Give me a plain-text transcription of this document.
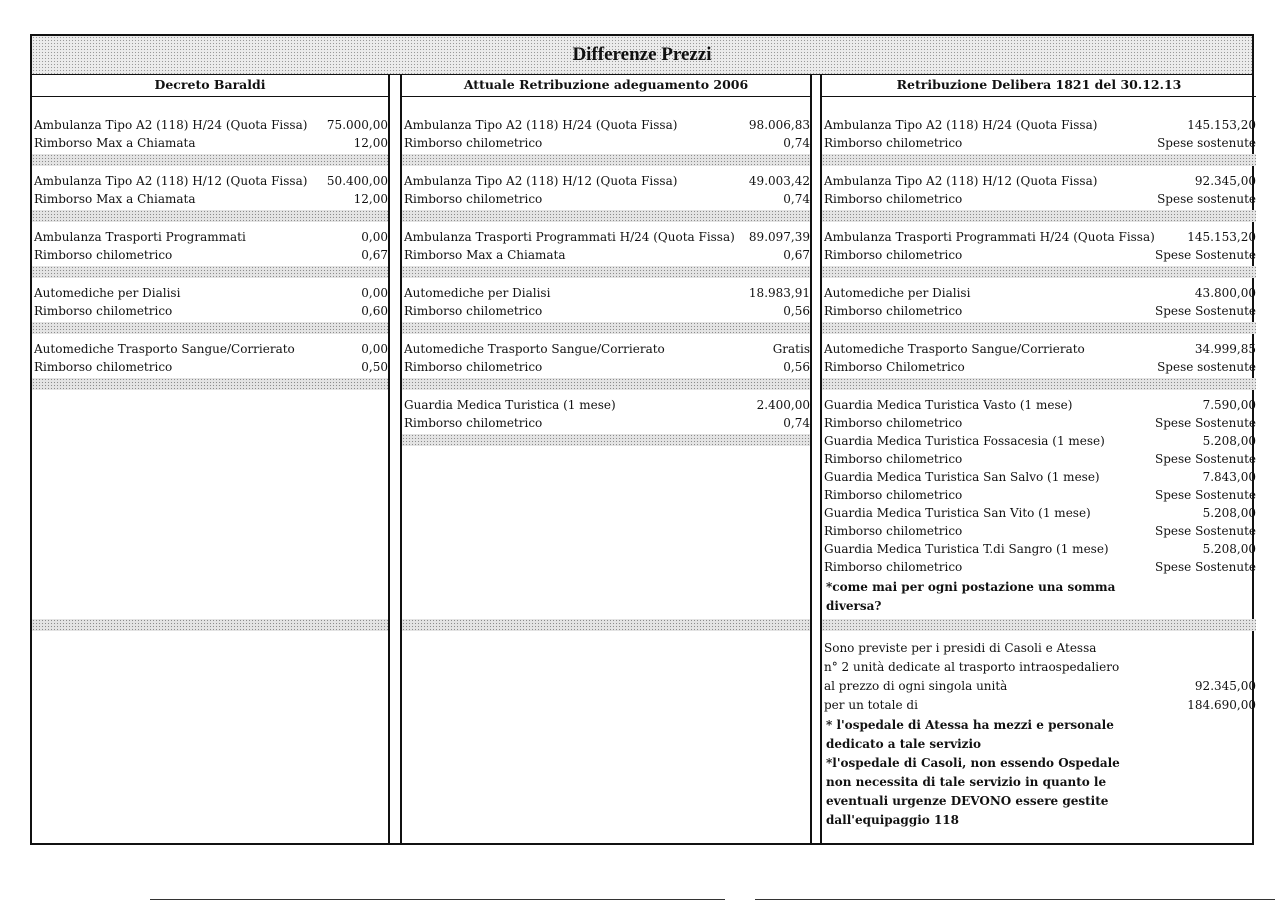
Differenze Prezzi
Decreto Baraldi
Ambulanza Tipo A2 (118) H/24 (Quota Fissa) 75.000,00
Rimborso Max a Chiamata	12,00
Ambulanza Tipo A2 (118) H/12 (Quota Fissa) 50.400,00
Rimborso Max a Chiamata	12,00
Ambulanza Trasporti Programmati	0,00
Rimborso chilometrico	0,67
Automediche per Dialisi	0,00
Rimborso chilometrico	0,60
Automediche Trasporto Sangue/Corrierato	0,00
Rimborso chilometrico	0,50
Attuale Retribuzione adeguamento 2006
Ambulanza Tipo A2 (118) H/24 (Quota Fissa)	98.006,83
Rimborso chilometrico	0,74
Ambulanza Tipo A2 (118) H/12 (Quota Fissa)	49.003,42
Rimborso chilometrico	0,74
Ambulanza Trasporti Programmati H/24 (Quota Fissa) 89.097,39
Rimborso Max a Chiamata	0,67
Automediche per Dialisi	18.983,91
Rimborso chilometrico	0,56
Automediche Trasporto Sangue/Corrierato	Gratis
Rimborso chilometrico	0,56
Guardia Medica Turistica (1 mese)	2.400,00
Rimborso chilometrico	0,74
Retribuzione Delibera 1821 del 30.12.13
Ambulanza Tipo A2 (118) H/24 (Quota Fissa)	145.153,20
Rimborso chilometrico	Spese sostenute
Ambulanza Tipo A2 (118) H/12 (Quota Fissa)	92.345,00
Rimborso chilometrico	Spese sostenute
Ambulanza Trasporti Programmati H/24 (Quota Fissa)	145.153,20
Rimborso chilometrico	Spese Sostenute
Automediche per Dialisi	43.800,00
Rimborso chilometrico	Spese Sostenute
Automediche Trasporto Sangue/Corrierato	34.999,85
Rimborso Chilometrico	Spese sostenute
Guardia Medica Turistica Vasto (1 mese)	7.590,00
Rimborso chilometrico	Spese Sostenute
Guardia Medica Turistica Fossacesia (1 mese)	5.208,00
Rimborso chilometrico	Spese Sostenute
Guardia Medica Turistica San Salvo (1 mese)	7.843,00
Rimborso chilometrico	Spese Sostenute
Guardia Medica Turistica San Vito (1 mese)	5.208,00
Rimborso chilometrico	Spese Sostenute
Guardia Medica Turistica T.di Sangro (1 mese)	5.208,00
Rimborso chilometrico	Spese Sostenute
*come mai per ogni postazione una somma
diversa?
Sono previste per i presidi di Casoli e Atessa
n° 2 unità dedicate al trasporto intraospedaliero
al prezzo di ogni singola unità	92.345,00
per un totale di	184.690,00
* l'ospedale di Atessa ha mezzi e personale
dedicato a tale servizio
*l'ospedale di Casoli, non essendo Ospedale
non necessita di tale servizio in quanto le
eventuali urgenze DEVONO essere gestite
dall'equipaggio 118
